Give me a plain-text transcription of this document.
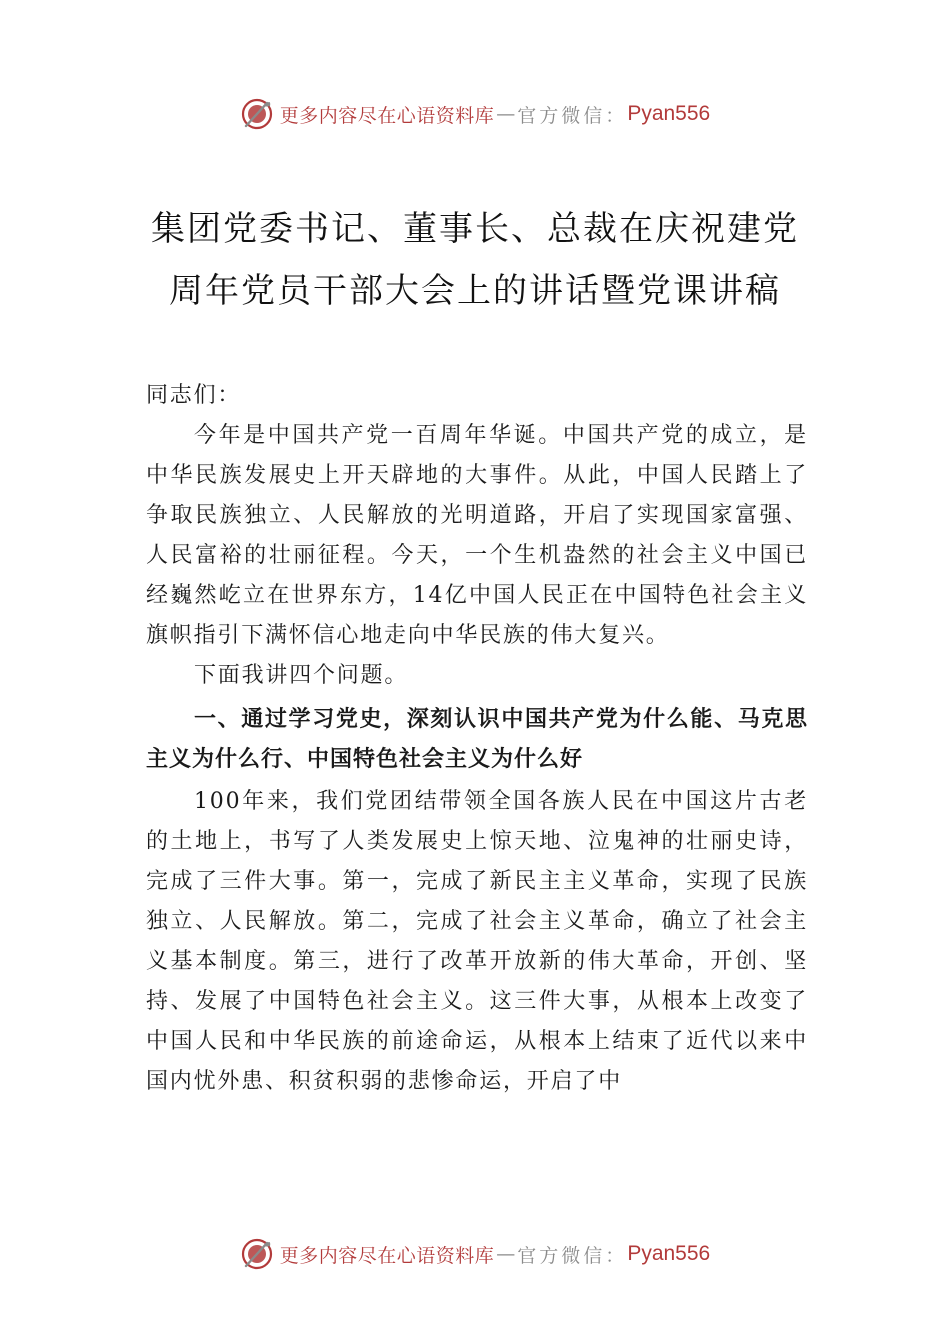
更多内容尽在心语资料库 — 官方微信： Pyan556
集团党委书记、董事长、总裁在庆祝建党
周年党员干部大会上的讲话暨党课讲稿

同志们：

今年是中国共产党一百周年华诞。中国共产党的成立，是中华民族发展史上开天辟地的大事件。从此，中国人民踏上了争取民族独立、人民解放的光明道路，开启了实现国家富强、人民富裕的壮丽征程。今天，一个生机盎然的社会主义中国已经巍然屹立在世界东方，14亿中国人民正在中国特色社会主义旗帜指引下满怀信心地走向中华民族的伟大复兴。

下面我讲四个问题。

一、通过学习党史，深刻认识中国共产党为什么能、马克思主义为什么行、中国特色社会主义为什么好

100年来，我们党团结带领全国各族人民在中国这片古老的土地上，书写了人类发展史上惊天地、泣鬼神的壮丽史诗，完成了三件大事。第一，完成了新民主主义革命，实现了民族独立、人民解放。第二，完成了社会主义革命，确立了社会主义基本制度。第三，进行了改革开放新的伟大革命，开创、坚持、发展了中国特色社会主义。这三件大事，从根本上改变了中国人民和中华民族的前途命运，从根本上结束了近代以来中国内忧外患、积贫积弱的悲惨命运，开启了中

更多内容尽在心语资料库 — 官方微信： Pyan556
